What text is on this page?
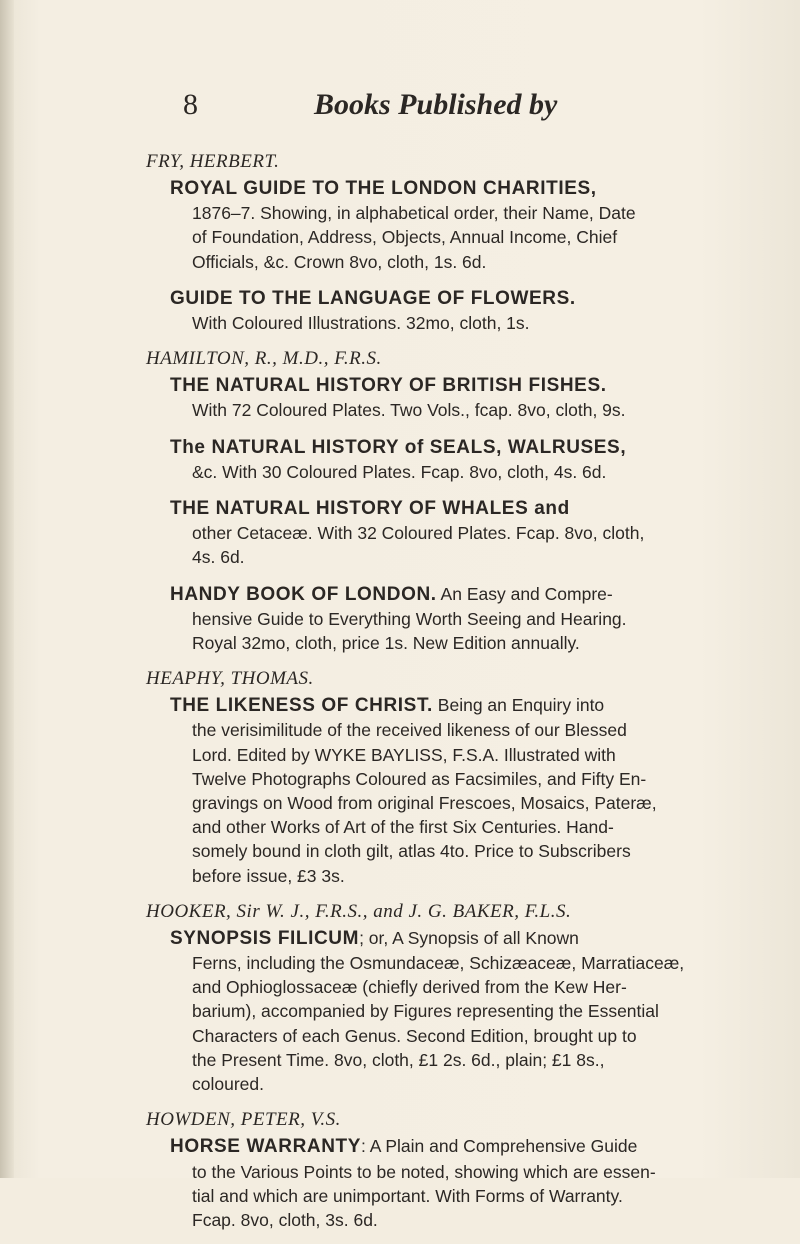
8	Books Published by
FRY, HERBERT.
ROYAL GUIDE TO THE LONDON CHARITIES,
1876–7. Showing, in alphabetical order, their Name, Date
of Foundation, Address, Objects, Annual Income, Chief
Officials, &c. Crown 8vo, cloth, 1s. 6d.
GUIDE TO THE LANGUAGE OF FLOWERS.
With Coloured Illustrations. 32mo, cloth, 1s.
HAMILTON, R., M.D., F.R.S.
THE NATURAL HISTORY OF BRITISH FISHES.
With 72 Coloured Plates. Two Vols., fcap. 8vo, cloth, 9s.
The NATURAL HISTORY of SEALS, WALRUSES,
&c. With 30 Coloured Plates. Fcap. 8vo, cloth, 4s. 6d.
THE NATURAL HISTORY OF WHALES and
other Cetaceæ. With 32 Coloured Plates. Fcap. 8vo, cloth,
4s. 6d.
HANDY BOOK OF LONDON. An Easy and Compre-
hensive Guide to Everything Worth Seeing and Hearing.
Royal 32mo, cloth, price 1s. New Edition annually.
HEAPHY, THOMAS.
THE LIKENESS OF CHRIST. Being an Enquiry into
the verisimilitude of the received likeness of our Blessed
Lord. Edited by WYKE BAYLISS, F.S.A. Illustrated with
Twelve Photographs Coloured as Facsimiles, and Fifty En-
gravings on Wood from original Frescoes, Mosaics, Pateræ,
and other Works of Art of the first Six Centuries. Hand-
somely bound in cloth gilt, atlas 4to. Price to Subscribers
before issue, £3 3s.
HOOKER, Sir W. J., F.R.S., and J. G. BAKER, F.L.S.
SYNOPSIS FILICUM; or, A Synopsis of all Known
Ferns, including the Osmundaceæ, Schizæaceæ, Marratiaceæ,
and Ophioglossaceæ (chiefly derived from the Kew Her-
barium), accompanied by Figures representing the Essential
Characters of each Genus. Second Edition, brought up to
the Present Time. 8vo, cloth, £1 2s. 6d., plain; £1 8s.,
coloured.
HOWDEN, PETER, V.S.
HORSE WARRANTY: A Plain and Comprehensive Guide
to the Various Points to be noted, showing which are essen-
tial and which are unimportant. With Forms of Warranty.
Fcap. 8vo, cloth, 3s. 6d.
